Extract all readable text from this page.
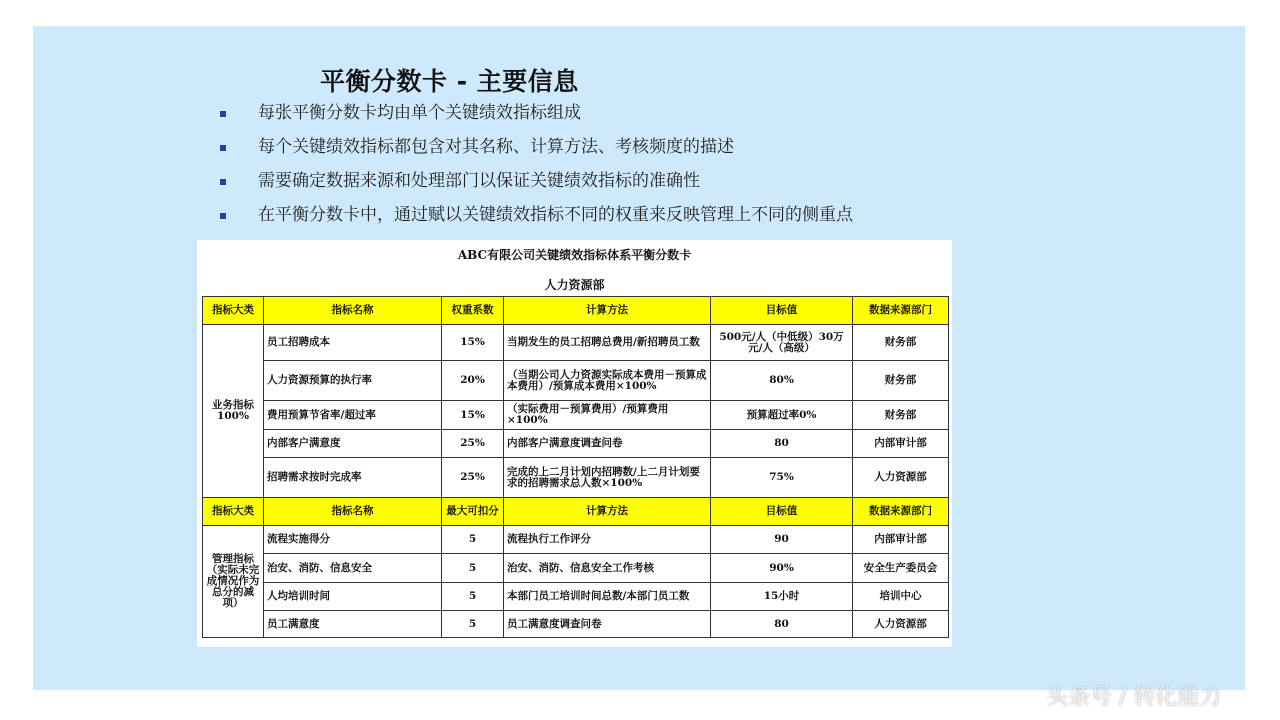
平衡分数卡 - 主要信息
每张平衡分数卡均由单个关键绩效指标组成
每个关键绩效指标都包含对其名称、计算方法、考核频度的描述
需要确定数据来源和处理部门以保证关键绩效指标的准确性
在平衡分数卡中，通过赋以关键绩效指标不同的权重来反映管理上不同的侧重点
ABC有限公司关键绩效指标体系平衡分数卡
人力资源部
指标大类	指标名称	权重系数	计算方法	目标值	数据来源部门
业务指标100%	员工招聘成本	15%	当期发生的员工招聘总费用/新招聘员工数	500元/人（中低级）30万元/人（高级）	财务部
	人力资源预算的执行率	20%	（当期公司人力资源实际成本费用－预算成本费用）/预算成本费用×100%	80%	财务部
	费用预算节省率/超过率	15%	（实际费用－预算费用）/预算费用×100%	预算超过率0%	财务部
	内部客户满意度	25%	内部客户满意度调查问卷	80	内部审计部
	招聘需求按时完成率	25%	完成的上二月计划内招聘数/上二月计划要求的招聘需求总人数×100%	75%	人力资源部
指标大类	指标名称	最大可扣分	计算方法	目标值	数据来源部门
管理指标（实际未完成情况作为总分的减项）	流程实施得分	5	流程执行工作评分	90	内部审计部
	治安、消防、信息安全	5	治安、消防、信息安全工作考核	90%	安全生产委员会
	人均培训时间	5	本部门员工培训时间总数/本部门员工数	15小时	培训中心
	员工满意度	5	员工满意度调查问卷	80	人力资源部
头条号 / 转化能力
